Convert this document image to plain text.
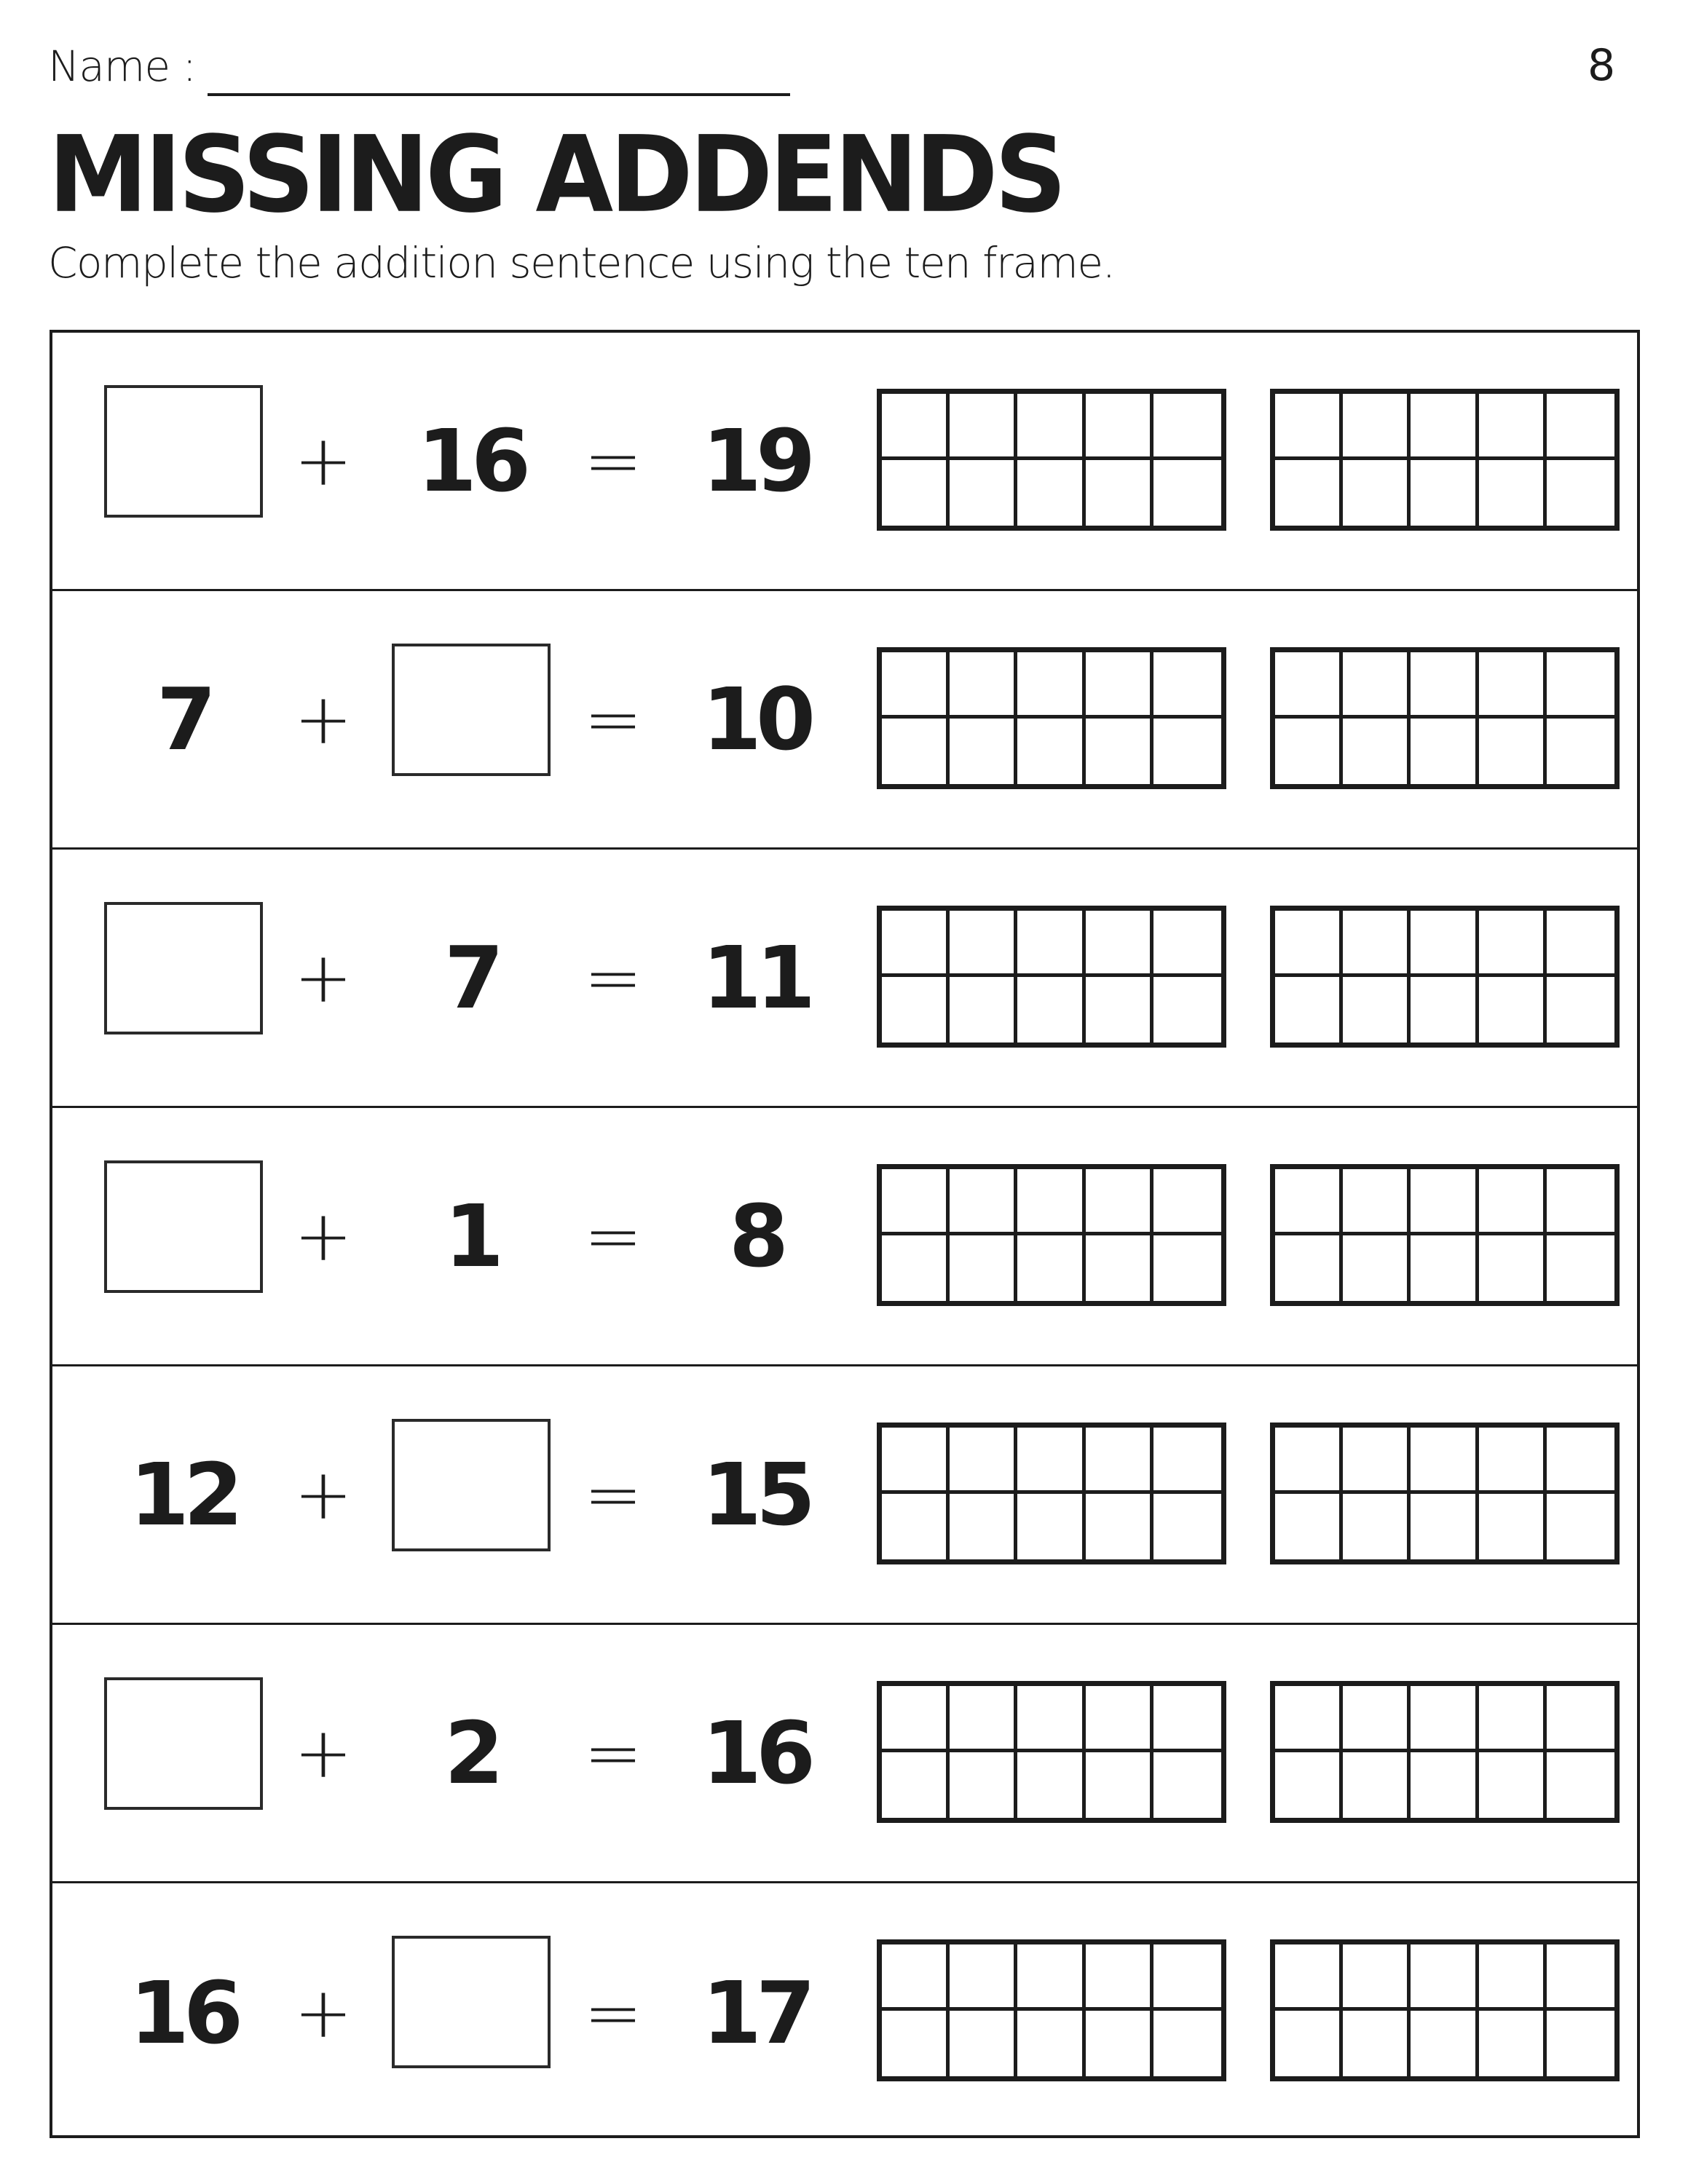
Name :	8
MISSING ADDENDS
Complete the addition sentence using the ten frame.
+ 16 = 19
7	+	= 10
+	7	= 11
+	1	=	8
12 +	= 15
+	2	= 16
16 +	= 17
